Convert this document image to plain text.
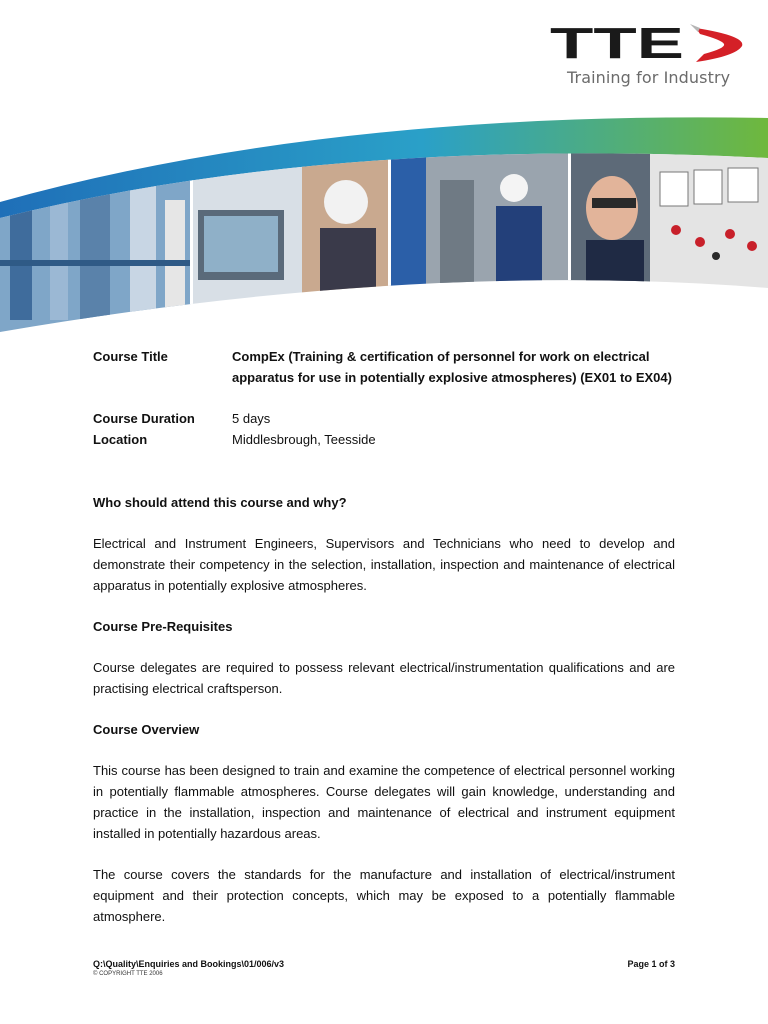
TTE
Training for Industry
Course Title	CompEx (Training & certification of personnel for work on electrical
apparatus for use in potentially explosive atmospheres) (EX01 to EX04)
Course Duration	5 days
Location	Middlesbrough, Teesside
Who should attend this course and why?

Electrical and Instrument Engineers, Supervisors and Technicians who need to develop and demonstrate their competency in the selection, installation, inspection and maintenance of electrical apparatus in potentially explosive atmospheres.

Course Pre-Requisites

Course delegates are required to possess relevant electrical/instrumentation qualifications and are practising electrical craftsperson.

Course Overview

This course has been designed to train and examine the competence of electrical personnel working in potentially flammable atmospheres. Course delegates will gain knowledge, understanding and practice in the installation, inspection and maintenance of electrical and instrument equipment installed in potentially hazardous areas.

The course covers the standards for the manufacture and installation of electrical/instrument equipment and their protection concepts, which may be exposed to a potentially flammable atmosphere.

Q:\Quality\Enquiries and Bookings\01/006/v3	Page 1 of 3
© COPYRIGHT TTE 2006
